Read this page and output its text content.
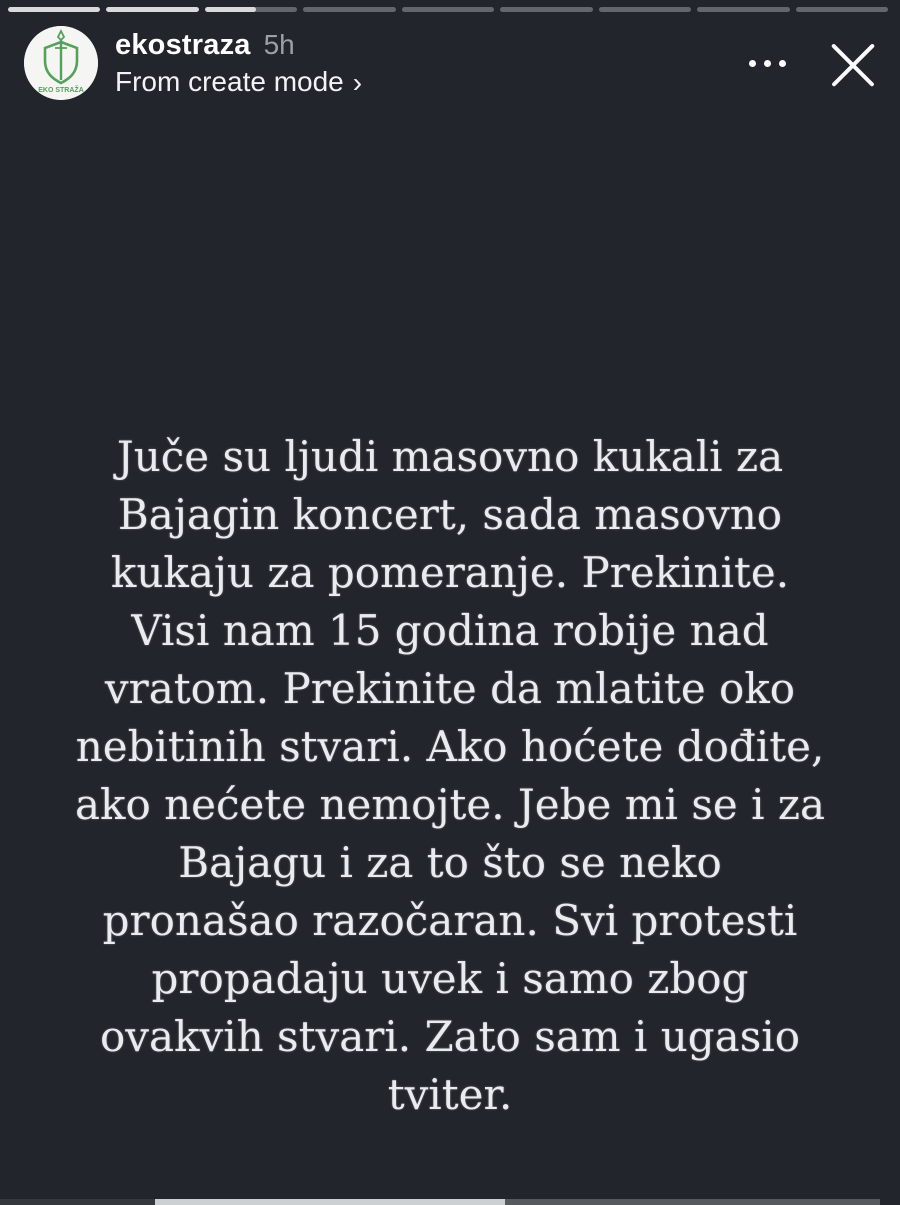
EKO STRAŽA
ekostraza 5h
From create mode ›
Juče su ljudi masovno kukali za
Bajagin koncert, sada masovno
kukaju za pomeranje. Prekinite.
Visi nam 15 godina robije nad
vratom. Prekinite da mlatite oko
nebitinih stvari. Ako hoćete dođite,
ako nećete nemojte. Jebe mi se i za
Bajagu i za to što se neko
pronašao razočaran. Svi protesti
propadaju uvek i samo zbog
ovakvih stvari. Zato sam i ugasio
tviter.
